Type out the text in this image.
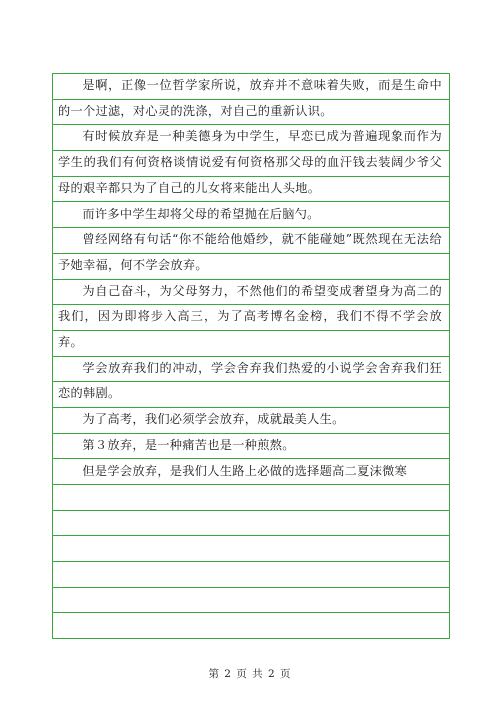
是啊，正像一位哲学家所说，放弃并不意味着失败，而是生命中的一个过滤，对心灵的洗涤，对自己的重新认识。

有时候放弃是一种美德身为中学生，早恋已成为普遍现象而作为学生的我们有何资格谈情说爱有何资格那父母的血汗钱去装阔少爷父母的艰辛都只为了自己的儿女将来能出人头地。

而许多中学生却将父母的希望抛在后脑勺。

曾经网络有句话“你不能给他婚纱，就不能碰她”既然现在无法给予她幸福，何不学会放弃。

为自己奋斗，为父母努力，不然他们的希望变成奢望身为高二的我们，因为即将步入高三，为了高考博名金榜，我们不得不学会放弃。

学会放弃我们的冲动，学会舍弃我们热爱的小说学会舍弃我们狂恋的韩剧。

为了高考，我们必须学会放弃，成就最美人生。

第３放弃，是一种痛苦也是一种煎熬。

但是学会放弃，是我们人生路上必做的选择题高二夏沫微寒

第 2 页 共 2 页
